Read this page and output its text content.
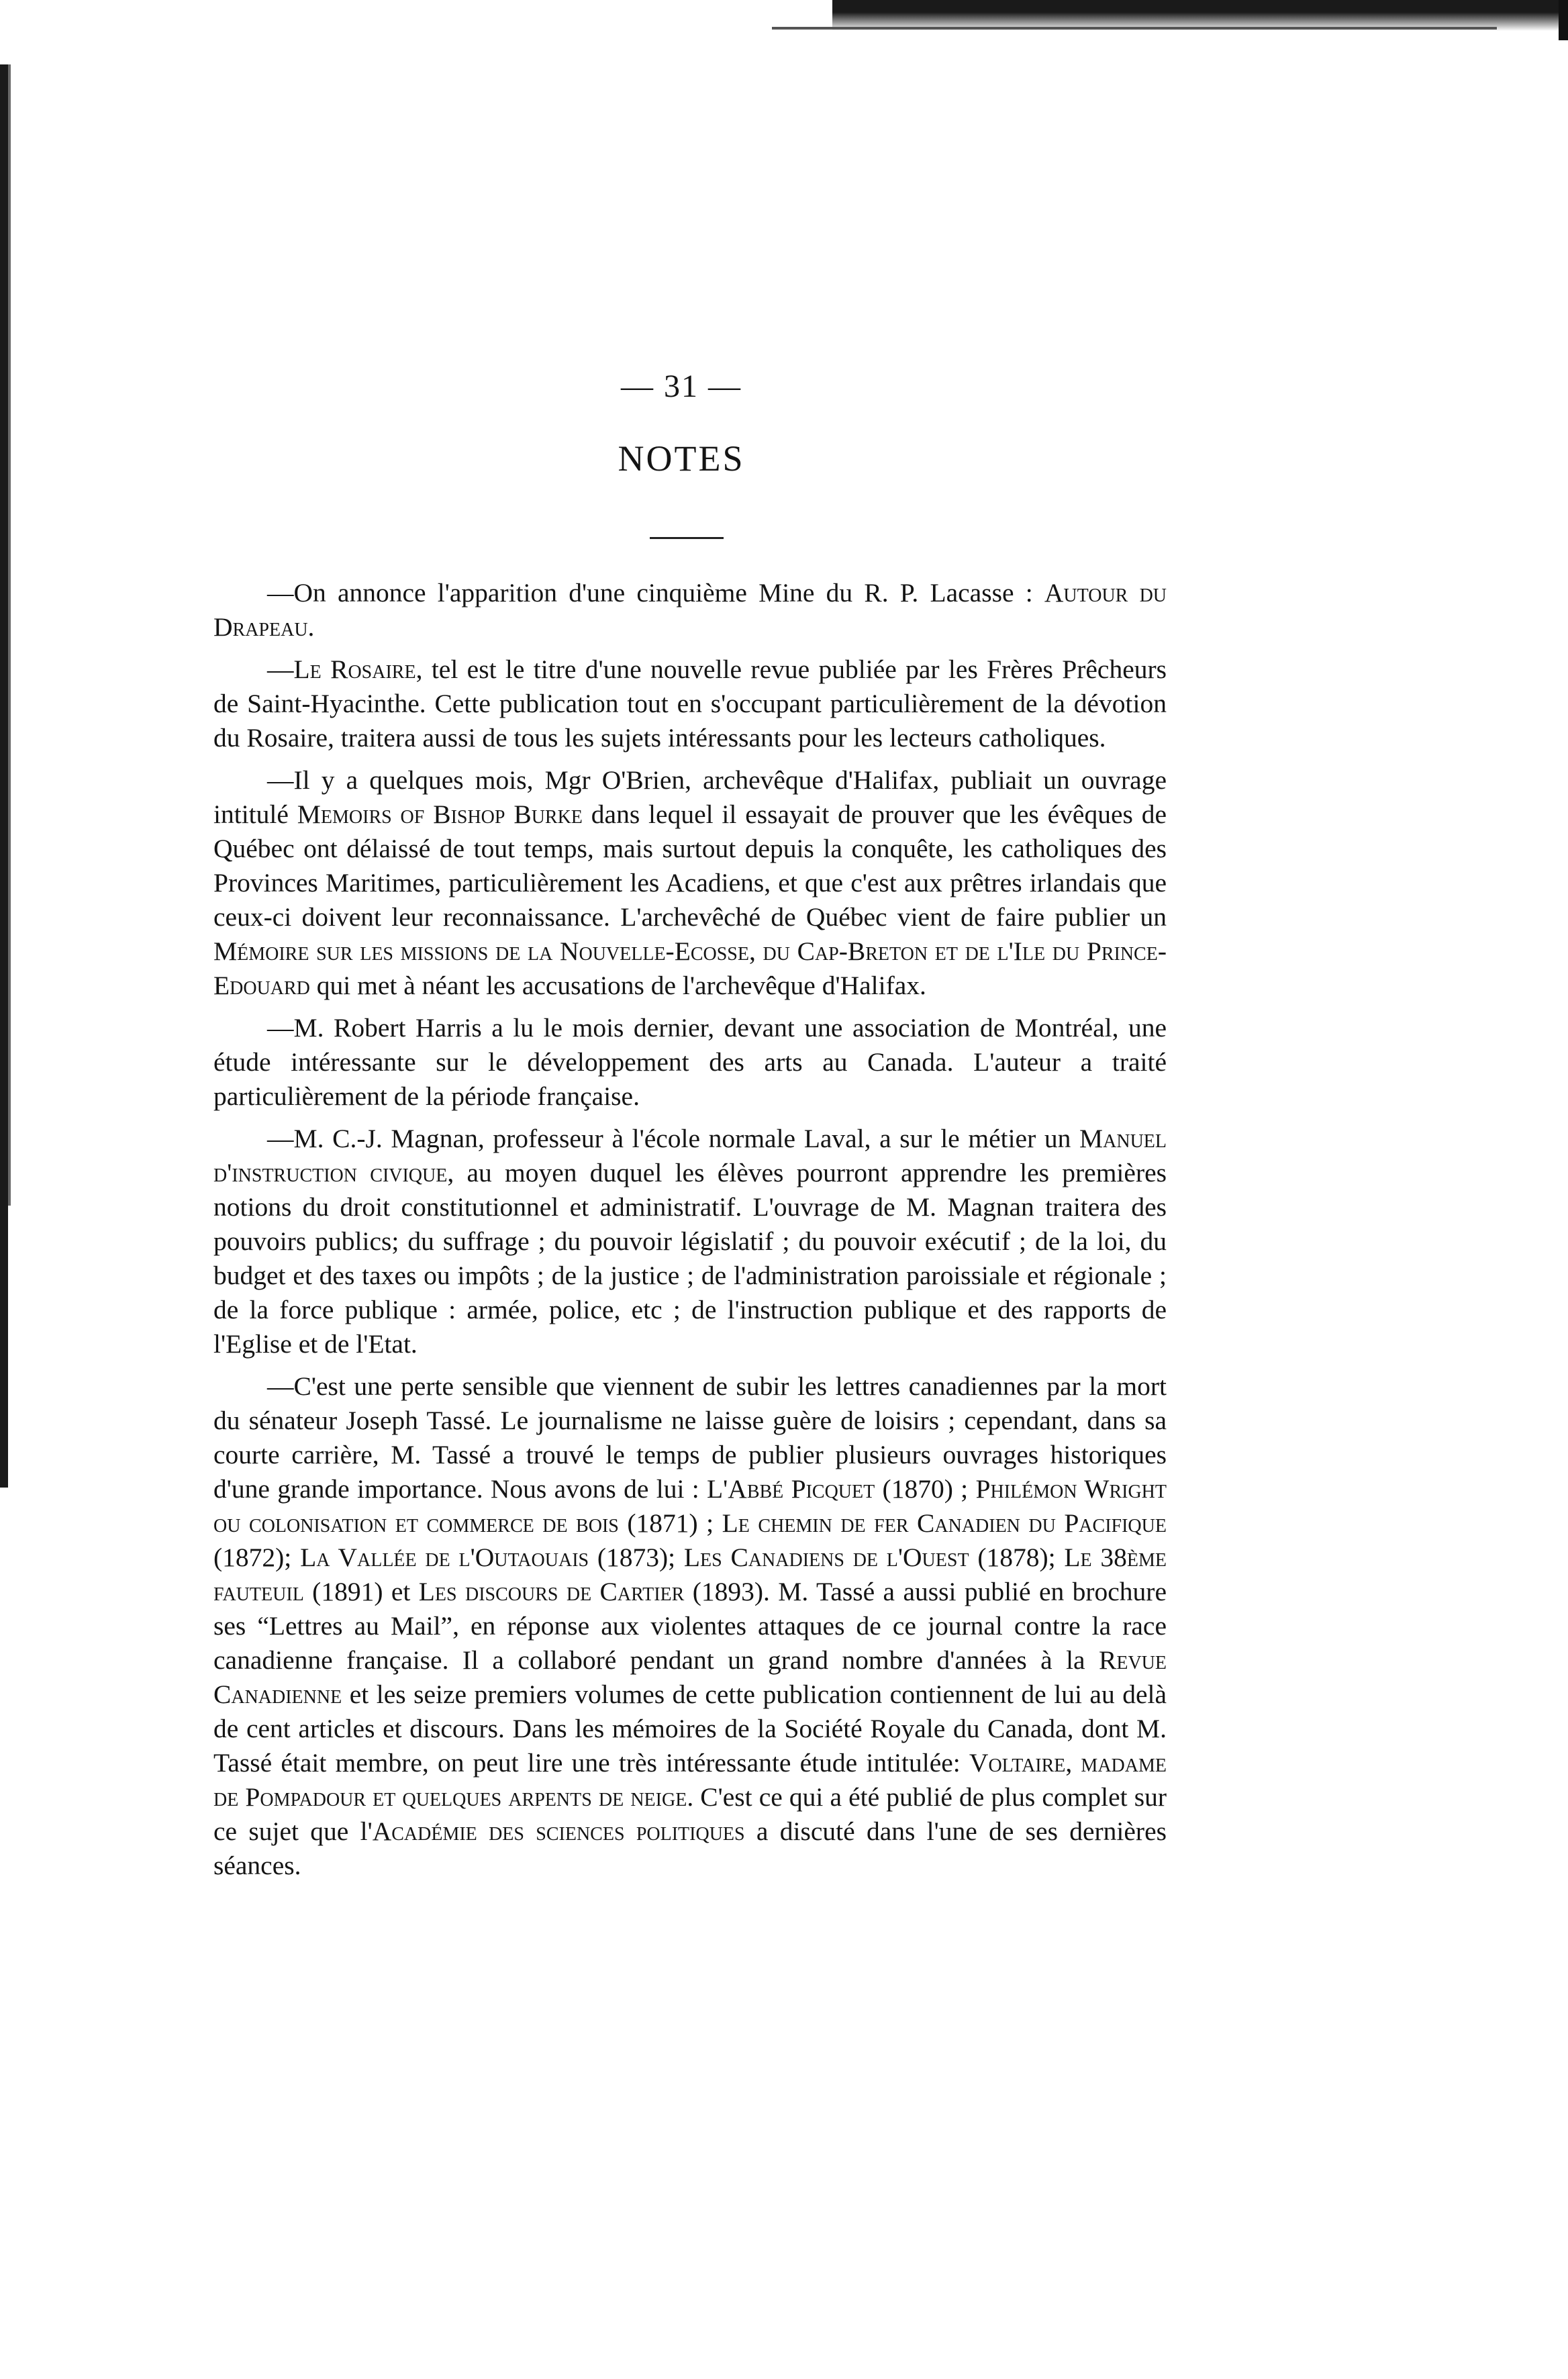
— 31 —
NOTES

—On annonce l'apparition d'une cinquième Mine du R. P. Lacasse : Autour du Drapeau.

—Le Rosaire, tel est le titre d'une nouvelle revue publiée par les Frères Prêcheurs de Saint-Hyacinthe. Cette publication tout en s'occupant particulièrement de la dévotion du Rosaire, traitera aussi de tous les sujets intéressants pour les lecteurs catholiques.

—Il y a quelques mois, Mgr O'Brien, archevêque d'Halifax, publiait un ouvrage intitulé Memoirs of Bishop Burke dans lequel il essayait de prouver que les évêques de Québec ont délaissé de tout temps, mais surtout depuis la conquête, les catholiques des Provinces Maritimes, particulièrement les Acadiens, et que c'est aux prêtres irlandais que ceux-ci doivent leur reconnaissance. L'archevêché de Québec vient de faire publier un Mémoire sur les missions de la Nouvelle-Ecosse, du Cap-Breton et de l'Ile du Prince-Edouard qui met à néant les accusations de l'archevêque d'Halifax.

—M. Robert Harris a lu le mois dernier, devant une association de Montréal, une étude intéressante sur le développement des arts au Canada. L'auteur a traité particulièrement de la période française.

—M. C.-J. Magnan, professeur à l'école normale Laval, a sur le métier un Manuel d'instruction civique, au moyen duquel les élèves pourront apprendre les premières notions du droit constitutionnel et administratif. L'ouvrage de M. Magnan traitera des pouvoirs publics; du suffrage ; du pouvoir législatif ; du pouvoir exécutif ; de la loi, du budget et des taxes ou impôts ; de la justice ; de l'administration paroissiale et régionale ; de la force publique : armée, police, etc ; de l'instruction publique et des rapports de l'Eglise et de l'Etat.

—C'est une perte sensible que viennent de subir les lettres canadiennes par la mort du sénateur Joseph Tassé. Le journalisme ne laisse guère de loisirs ; cependant, dans sa courte carrière, M. Tassé a trouvé le temps de publier plusieurs ouvrages historiques d'une grande importance. Nous avons de lui : L'Abbé Picquet (1870) ; Philémon Wright ou colonisation et commerce de bois (1871) ; Le chemin de fer Canadien du Pacifique (1872); La Vallée de l'Outaouais (1873); Les Canadiens de l'Ouest (1878); Le 38ème fauteuil (1891) et Les discours de Cartier (1893). M. Tassé a aussi publié en brochure ses “Lettres au Mail”, en réponse aux violentes attaques de ce journal contre la race canadienne française. Il a collaboré pendant un grand nombre d'années à la Revue Canadienne et les seize premiers volumes de cette publication contiennent de lui au delà de cent articles et discours. Dans les mémoires de la Société Royale du Canada, dont M. Tassé était membre, on peut lire une très intéressante étude intitulée: Voltaire, madame de Pompadour et quelques arpents de neige. C'est ce qui a été publié de plus complet sur ce sujet que l'Académie des sciences politiques a discuté dans l'une de ses dernières séances.
